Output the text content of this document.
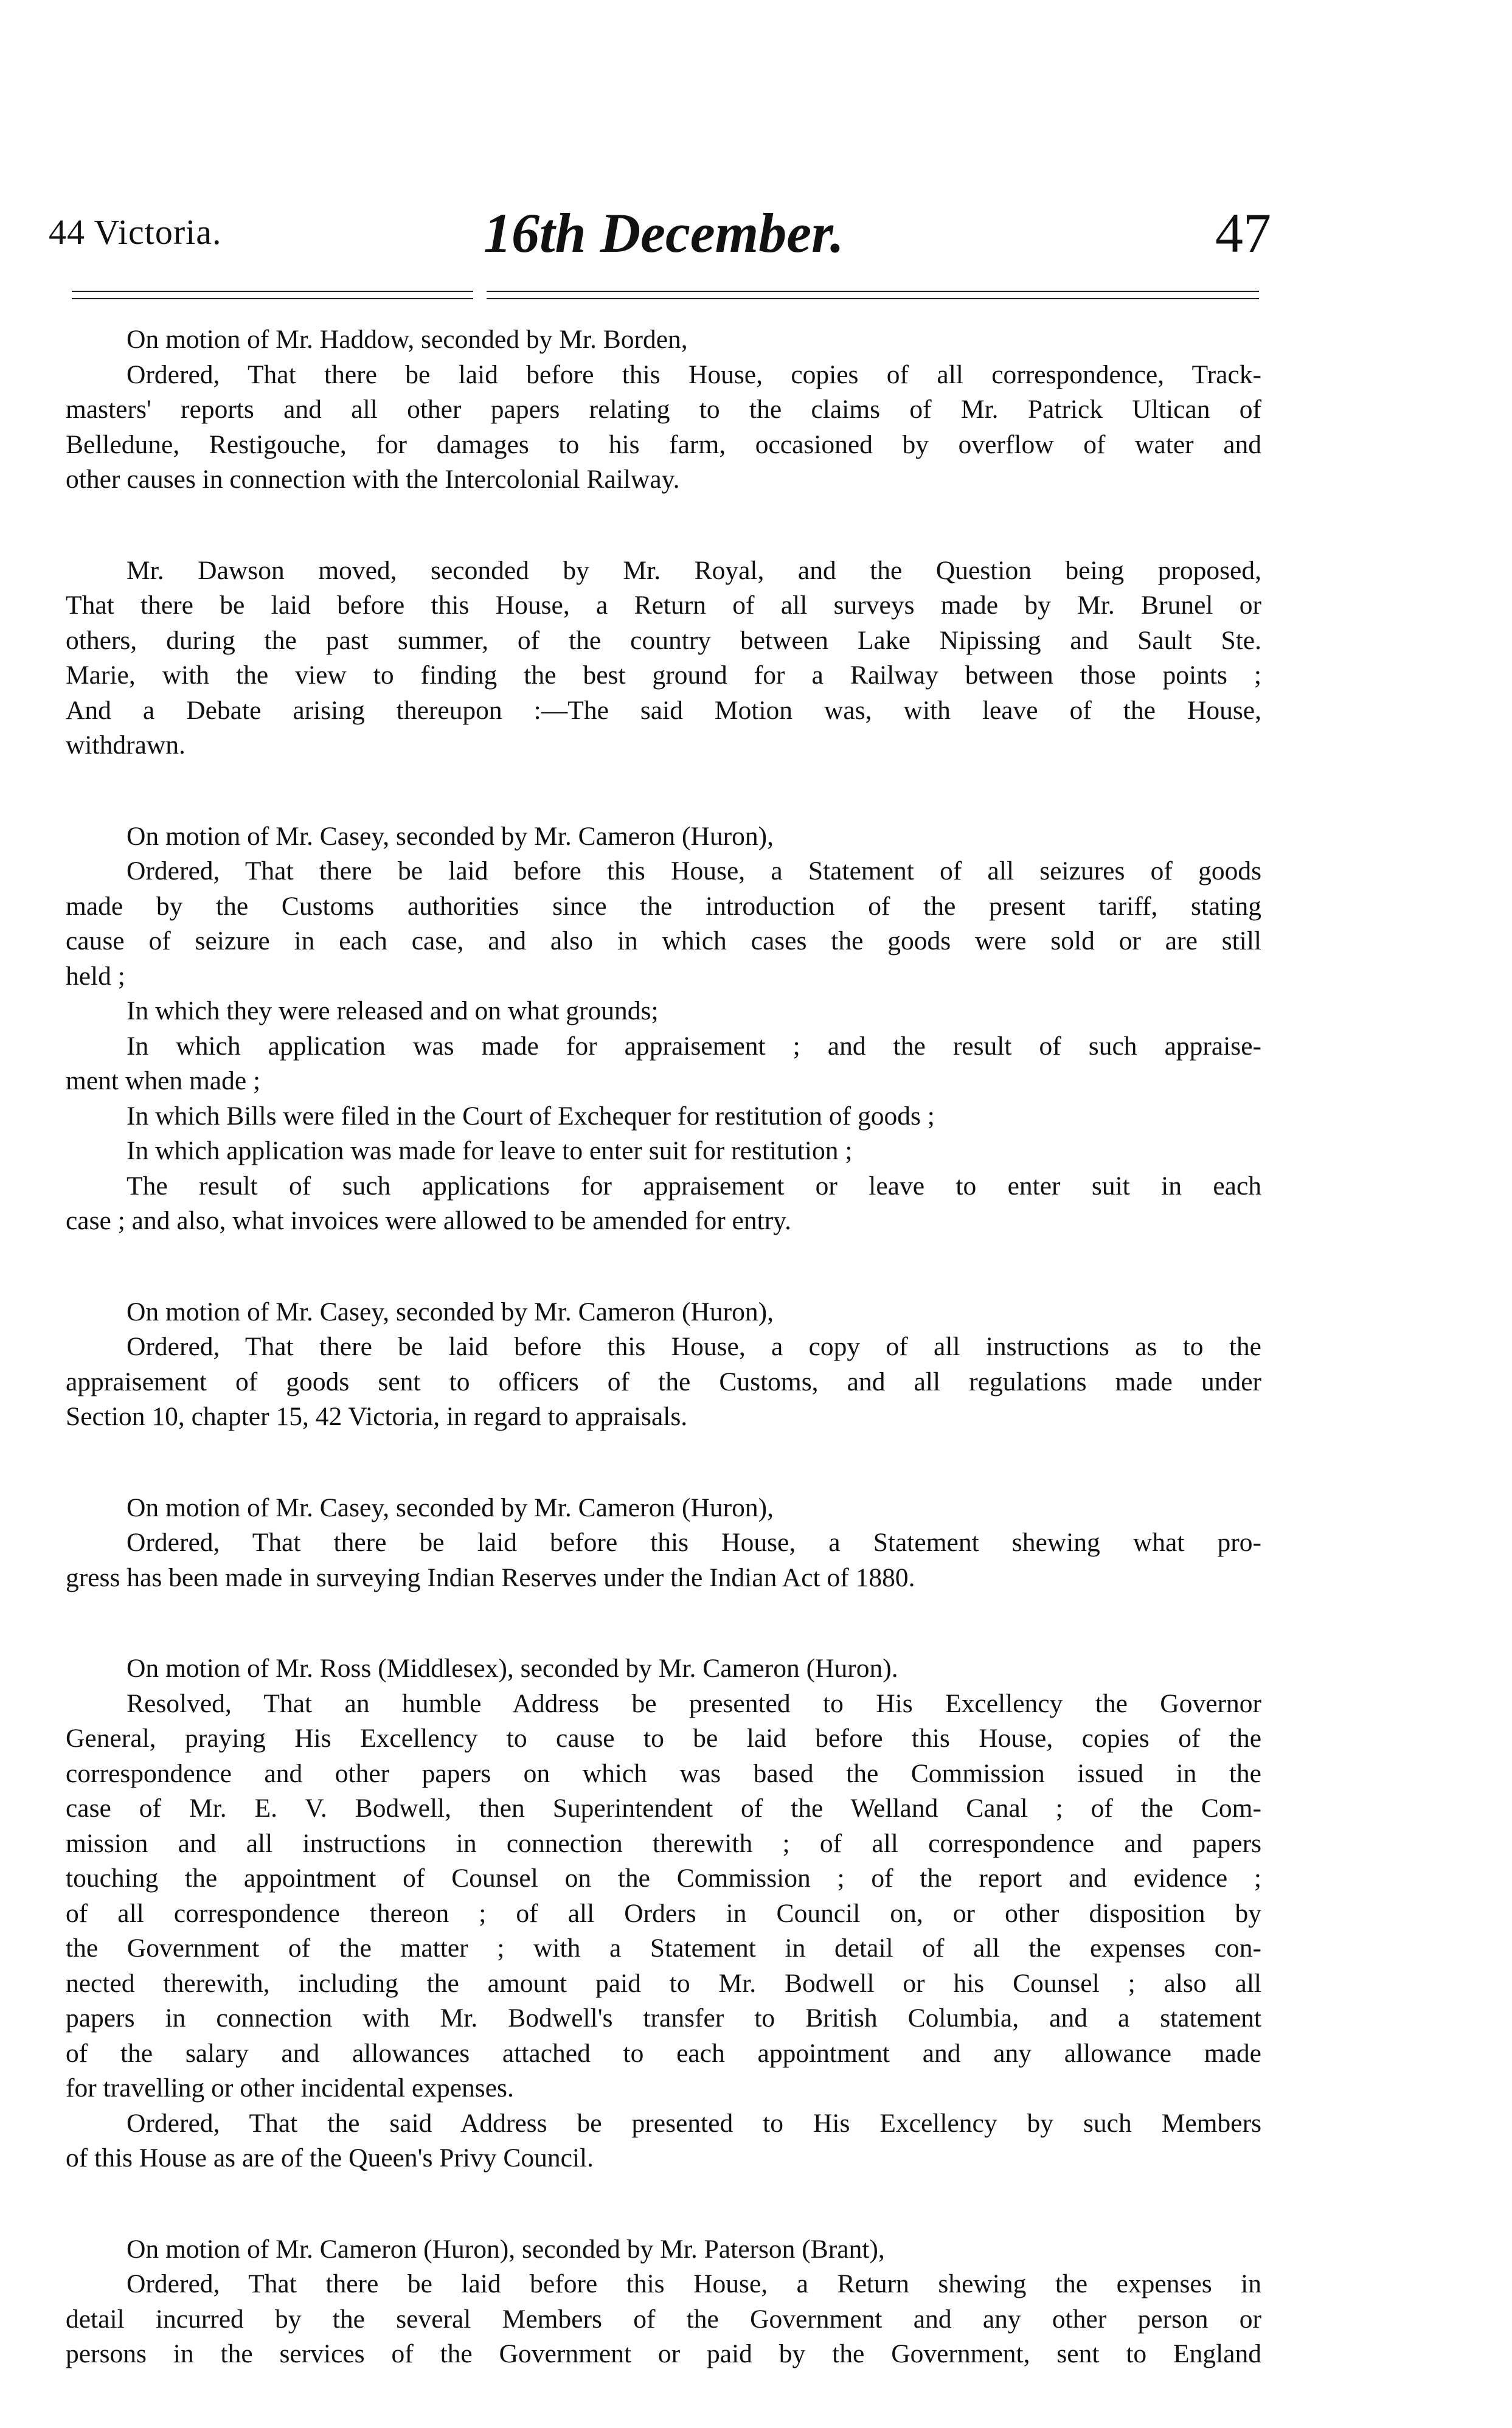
44 Victoria.	16th December.	47
On motion of Mr. Haddow, seconded by Mr. Borden,
Ordered, That there be laid before this House, copies of all correspondence, Track-
masters' reports and all other papers relating to the claims of Mr. Patrick Ultican of
Belledune, Restigouche, for damages to his farm, occasioned by overflow of water and
other causes in connection with the Intercolonial Railway.
Mr. Dawson moved, seconded by Mr. Royal, and the Question being proposed,
That there be laid before this House, a Return of all surveys made by Mr. Brunel or
others, during the past summer, of the country between Lake Nipissing and Sault Ste.
Marie, with the view to finding the best ground for a Railway between those points ;
And a Debate arising thereupon :—The said Motion was, with leave of the House,
withdrawn.
On motion of Mr. Casey, seconded by Mr. Cameron (Huron),
Ordered, That there be laid before this House, a Statement of all seizures of goods
made by the Customs authorities since the introduction of the present tariff, stating
cause of seizure in each case, and also in which cases the goods were sold or are still
held ;
In which they were released and on what grounds;
In which application was made for appraisement ; and the result of such appraise-
ment when made ;
In which Bills were filed in the Court of Exchequer for restitution of goods ;
In which application was made for leave to enter suit for restitution ;
The result of such applications for appraisement or leave to enter suit in each
case ; and also, what invoices were allowed to be amended for entry.
On motion of Mr. Casey, seconded by Mr. Cameron (Huron),
Ordered, That there be laid before this House, a copy of all instructions as to the
appraisement of goods sent to officers of the Customs, and all regulations made under
Section 10, chapter 15, 42 Victoria, in regard to appraisals.
On motion of Mr. Casey, seconded by Mr. Cameron (Huron),
Ordered, That there be laid before this House, a Statement shewing what pro-
gress has been made in surveying Indian Reserves under the Indian Act of 1880.
On motion of Mr. Ross (Middlesex), seconded by Mr. Cameron (Huron).
Resolved, That an humble Address be presented to His Excellency the Governor
General, praying His Excellency to cause to be laid before this House, copies of the
correspondence and other papers on which was based the Commission issued in the
case of Mr. E. V. Bodwell, then Superintendent of the Welland Canal ; of the Com-
mission and all instructions in connection therewith ; of all correspondence and papers
touching the appointment of Counsel on the Commission ; of the report and evidence ;
of all correspondence thereon ; of all Orders in Council on, or other disposition by
the Government of the matter ; with a Statement in detail of all the expenses con-
nected therewith, including the amount paid to Mr. Bodwell or his Counsel ; also all
papers in connection with Mr. Bodwell's transfer to British Columbia, and a statement
of the salary and allowances attached to each appointment and any allowance made
for travelling or other incidental expenses.
Ordered, That the said Address be presented to His Excellency by such Members
of this House as are of the Queen's Privy Council.
On motion of Mr. Cameron (Huron), seconded by Mr. Paterson (Brant),
Ordered, That there be laid before this House, a Return shewing the expenses in
detail incurred by the several Members of the Government and any other person or
persons in the services of the Government or paid by the Government, sent to England
